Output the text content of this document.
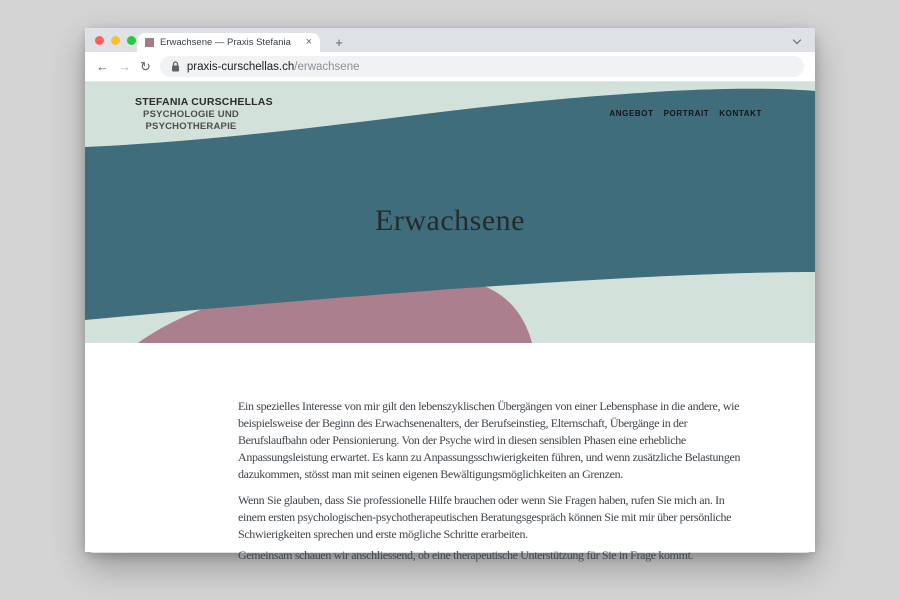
Erwachsene — Praxis Stefania	×	+
← → ↻	praxis-curschellas.ch/erwachsene
STEFANIA CURSCHELLAS
PSYCHOLOGIE UND
PSYCHOTHERAPIE
ANGEBOT PORTRAIT KONTAKT
Erwachsene

Ein spezielles Interesse von mir gilt den lebenszyklischen Übergängen von einer Lebensphase in die andere, wie beispielsweise der Beginn des Erwachsenenalters, der Berufseinstieg, Elternschaft, Übergänge in der Berufslaufbahn oder Pensionierung. Von der Psyche wird in diesen sensiblen Phasen eine erhebliche Anpassungsleistung erwartet. Es kann zu Anpassungsschwierigkeiten führen, und wenn zusätzliche Belastungen dazukommen, stösst man mit seinen eigenen Bewältigungsmöglichkeiten an Grenzen.

Wenn Sie glauben, dass Sie professionelle Hilfe brauchen oder wenn Sie Fragen haben, rufen Sie mich an. In einem ersten psychologischen-psychotherapeutischen Beratungsgespräch können Sie mit mir über persönliche Schwierigkeiten sprechen und erste mögliche Schritte erarbeiten.

Gemeinsam schauen wir anschliessend, ob eine therapeutische Unterstützung für Sie in Frage kommt.
